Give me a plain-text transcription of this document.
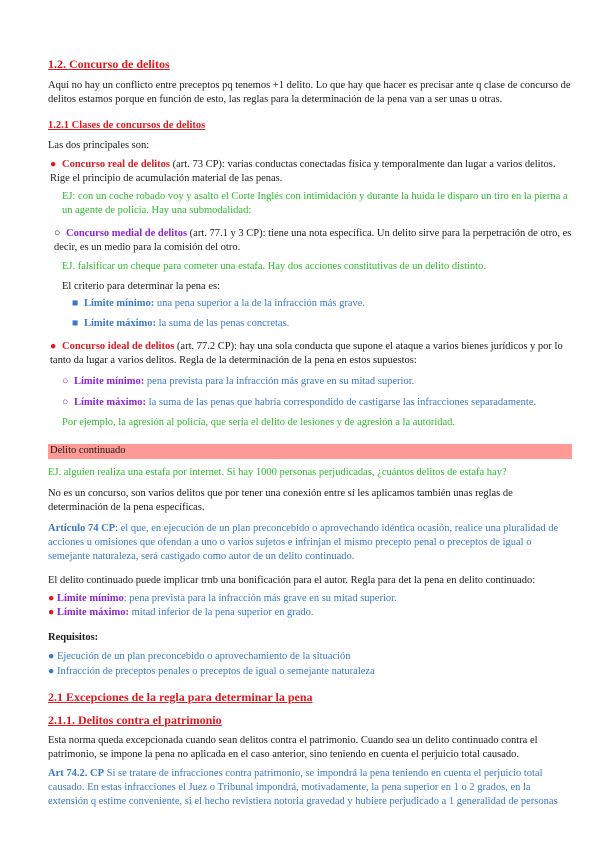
1.2. Concurso de delitos
Aquí no hay un conflicto entre preceptos pq tenemos +1 delito. Lo que hay que hacer es precisar ante q clase de concurso de delitos estamos porque en función de esto, las reglas para la determinación de la pena van a ser unas u otras.
1.2.1 Clases de concursos de delitos
Las dos principales son:
● Concurso real de delitos (art. 73 CP): varias conductas conectadas física y temporalmente dan lugar a varios delitos. Rige el principio de acumulación material de las penas.
EJ: con un coche robado voy y asalto el Corte Inglés con intimidación y durante la huida le disparo un tiro en la pierna a un agente de policía. Hay una submodalidad:
○ Concurso medial de delitos (art. 77.1 y 3 CP): tiene una nota específica. Un delito sirve para la perpetración de otro, es decir, es un medio para la comisión del otro.
EJ. falsificar un cheque para cometer una estafa. Hay dos acciones constitutivas de un delito distinto.
El criterio para determinar la pena es:
■ Límite mínimo: una pena superior a la de la infracción más grave.
■ Límite máximo: la suma de las penas concretas.
● Concurso ideal de delitos (art. 77.2 CP): hay una sola conducta que supone el ataque a varios bienes jurídicos y por lo tanto da lugar a varios delitos. Regla de la determinación de la pena en estos supuestos:
○ Límite mínimo: pena prevista para la infracción más grave en su mitad superior.
○ Límite máximo: la suma de las penas que habría correspondido de castigarse las infracciones separadamente.
Por ejemplo, la agresión al policía, que sería el delito de lesiones y de agresión a la autoridad.
Delito continuado
EJ. alguien realiza una estafa por internet. Si hay 1000 personas perjudicadas, ¿cuántos delitos de estafa hay?
No es un concurso, son varios delitos que por tener una conexión entre sí les aplicamos también unas reglas de determinación de la pena específicas.
Artículo 74 CP: el que, en ejecución de un plan preconcebido o aprovechando idéntica ocasión, realice una pluralidad de acciones u omisiones que ofendan a uno o varios sujetos e infrinjan el mismo precepto penal o preceptos de igual o semejante naturaleza, será castigado como autor de un delito continuado.
El delito continuado puede implicar trnb una bonificación para el autor. Regla para det la pena en delito continuado:
● Límite mínimo: pena prevista para la infracción más grave en su mitad superior.
● Límite máximo: mitad inferior de la pena superior en grado.
Requisitos:
● Ejecución de un plan preconcebido o aprovechamiento de la situación
● Infracción de preceptos penales o preceptos de igual o semejante naturaleza
2.1 Excepciones de la regla para determinar la pena
2.1.1. Delitos contra el patrimonio
Esta norma queda excepcionada cuando sean delitos contra el patrimonio. Cuando sea un delito continuado contra el patrimonio, se impone la pena no aplicada en el caso anterior, sino teniendo en cuenta el perjuicio total causado.
Art 74.2. CP Si se tratare de infracciones contra patrimonio, se impondrá la pena teniendo en cuenta el perjuicio total causado. En estas infracciones el Juez o Tribunal impondrá, motivadamente, la pena superior en 1 o 2 grados, en la extensión q estime conveniente, si el hecho revistiera notoria gravedad y hubiere perjudicado a 1 generalidad de personas
